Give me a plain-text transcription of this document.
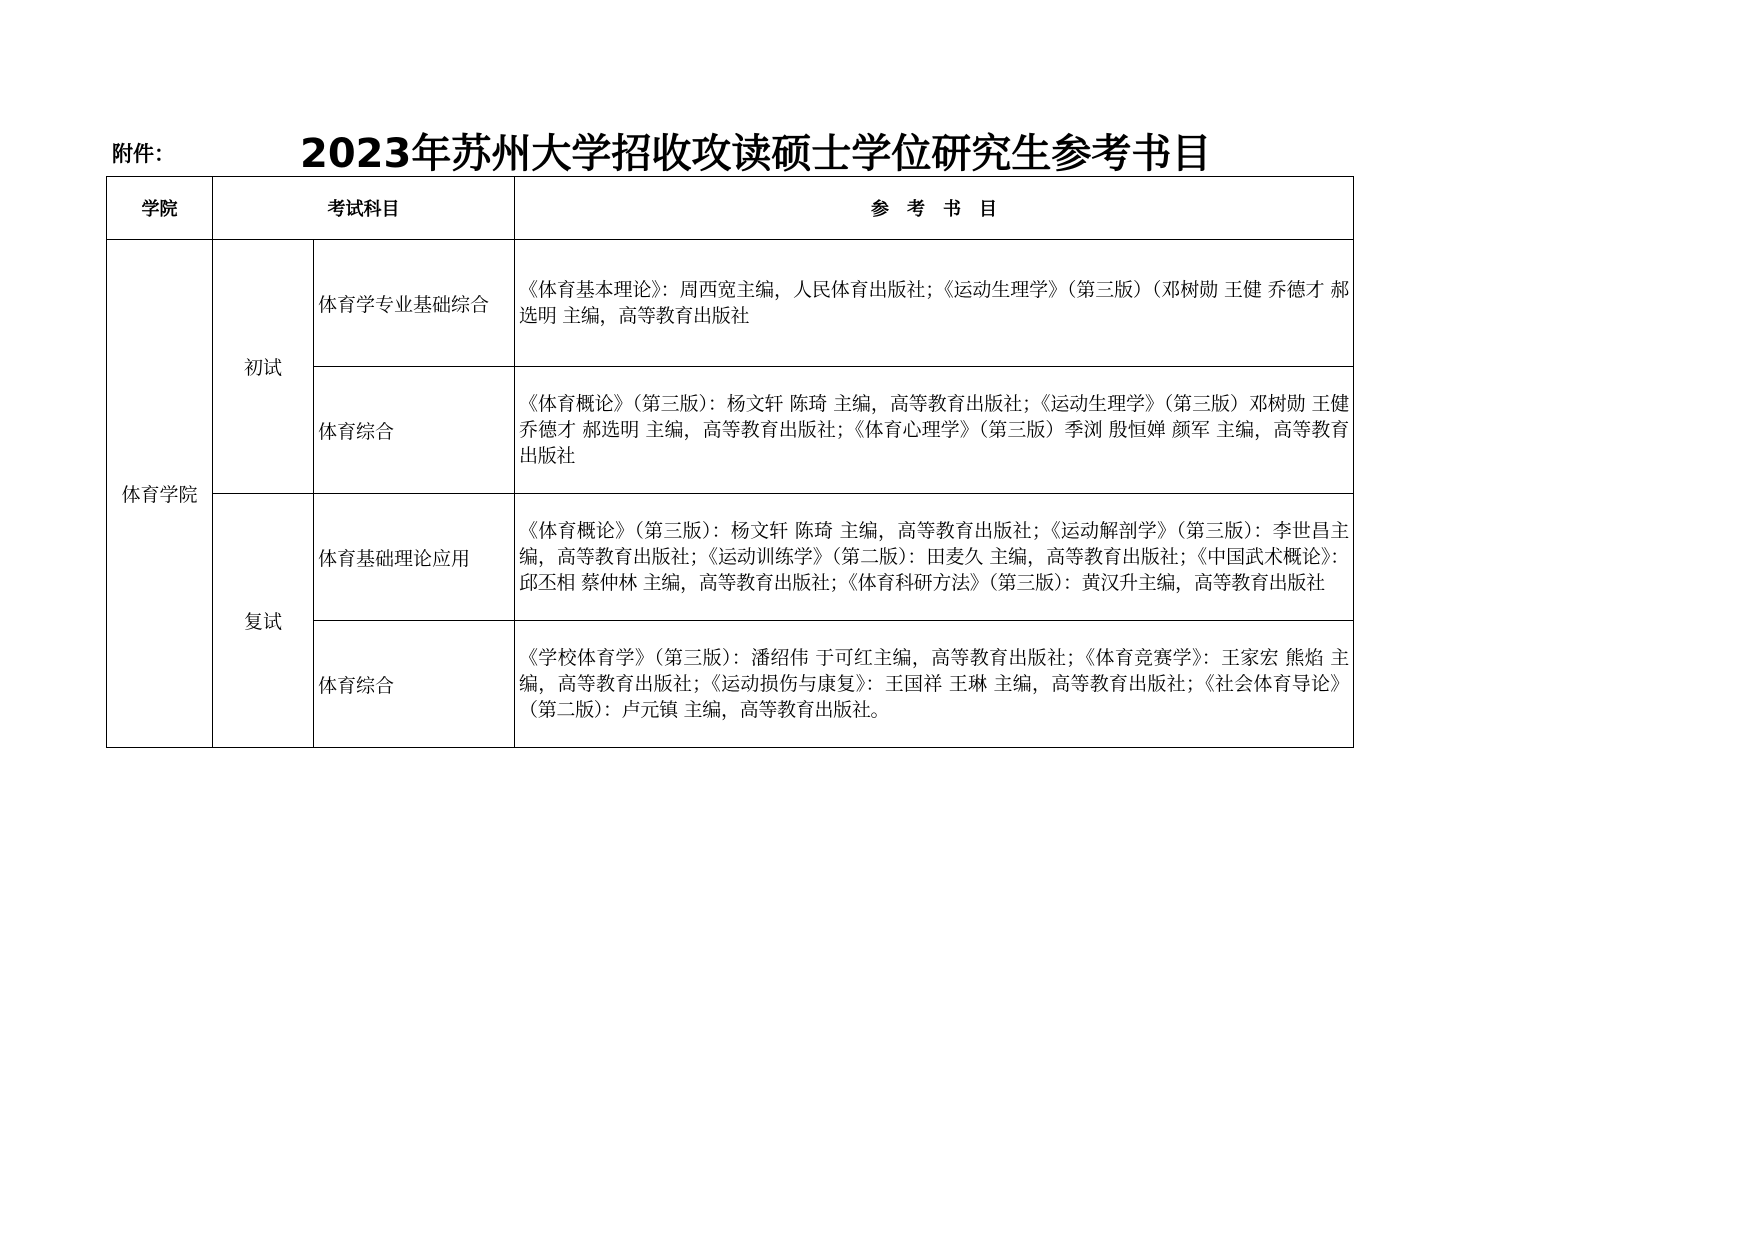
附件：	2023年苏州大学招收攻读硕士学位研究生参考书目
学院	考试科目		参　考　书　目
体育学院	初试	体育学专业基础综合	《体育基本理论》：周西宽主编，人民体育出版社；《运动生理学》（第三版）（邓树勋 王健 乔德才 郝选明 主编，高等教育出版社
		体育综合	《体育概论》（第三版）：杨文轩 陈琦 主编，高等教育出版社；《运动生理学》（第三版）邓树勋 王健 乔德才 郝选明 主编，高等教育出版社；《体育心理学》（第三版）季浏 殷恒婵 颜军 主编，高等教育出版社
	复试	体育基础理论应用	《体育概论》（第三版）：杨文轩 陈琦 主编，高等教育出版社；《运动解剖学》（第三版）：李世昌主编，高等教育出版社；《运动训练学》（第二版）：田麦久 主编，高等教育出版社；《中国武术概论》：邱丕相 蔡仲林 主编，高等教育出版社；《体育科研方法》（第三版）：黄汉升主编，高等教育出版社
		体育综合	《学校体育学》（第三版）：潘绍伟 于可红主编，高等教育出版社；《体育竞赛学》：王家宏 熊焰 主编，高等教育出版社；《运动损伤与康复》：王国祥 王琳 主编，高等教育出版社；《社会体育导论》（第二版）：卢元镇 主编，高等教育出版社。
